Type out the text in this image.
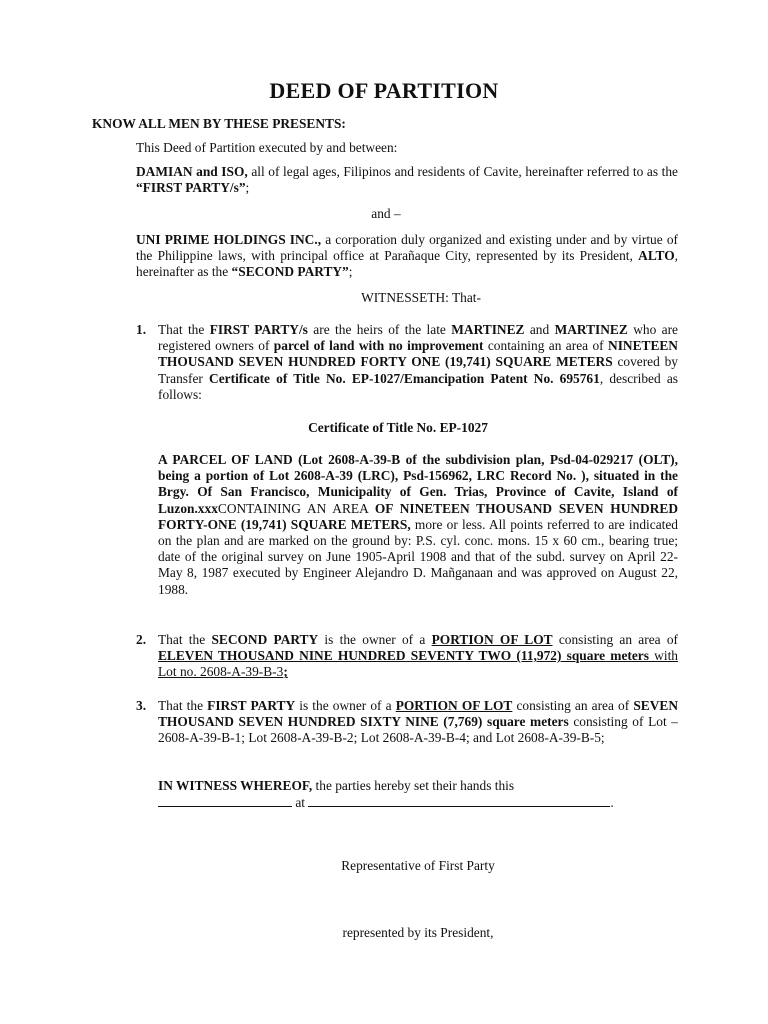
DEED OF PARTITION
KNOW ALL MEN BY THESE PRESENTS:
This Deed of Partition executed by and between:
DAMIAN and ISO, all of legal ages, Filipinos and residents of Cavite, hereinafter referred to as the “FIRST PARTY/s”;
and –
UNI PRIME HOLDINGS INC., a corporation duly organized and existing under and by virtue of the Philippine laws, with principal office at Parañaque City, represented by its President, ALTO, hereinafter as the “SECOND PARTY”;
WITNESSETH: That-
1. That the FIRST PARTY/s are the heirs of the late MARTINEZ and MARTINEZ who are registered owners of parcel of land with no improvement containing an area of NINETEEN THOUSAND SEVEN HUNDRED FORTY ONE (19,741) SQUARE METERS covered by Transfer Certificate of Title No. EP-1027/Emancipation Patent No. 695761, described as follows:
Certificate of Title No. EP-1027
A PARCEL OF LAND (Lot 2608-A-39-B of the subdivision plan, Psd-04-029217 (OLT), being a portion of Lot 2608-A-39 (LRC), Psd-156962, LRC Record No. ), situated in the Brgy. Of San Francisco, Municipality of Gen. Trias, Province of Cavite, Island of Luzon.xxxCONTAINING AN AREA OF NINETEEN THOUSAND SEVEN HUNDRED FORTY-ONE (19,741) SQUARE METERS, more or less. All points referred to are indicated on the plan and are marked on the ground by: P.S. cyl. conc. mons. 15 x 60 cm., bearing true; date of the original survey on June 1905-April 1908 and that of the subd. survey on April 22-May 8, 1987 executed by Engineer Alejandro D. Mañganaan and was approved on August 22, 1988.
2. That the SECOND PARTY is the owner of a PORTION OF LOT consisting an area of ELEVEN THOUSAND NINE HUNDRED SEVENTY TWO (11,972) square meters with Lot no. 2608-A-39-B-3;
3. That the FIRST PARTY is the owner of a PORTION OF LOT consisting an area of SEVEN THOUSAND SEVEN HUNDRED SIXTY NINE (7,769) square meters consisting of Lot – 2608-A-39-B-1; Lot 2608-A-39-B-2; Lot 2608-A-39-B-4; and Lot 2608-A-39-B-5;
IN WITNESS WHEREOF, the parties hereby set their hands this
at	.
Representative of First Party
represented by its President,
